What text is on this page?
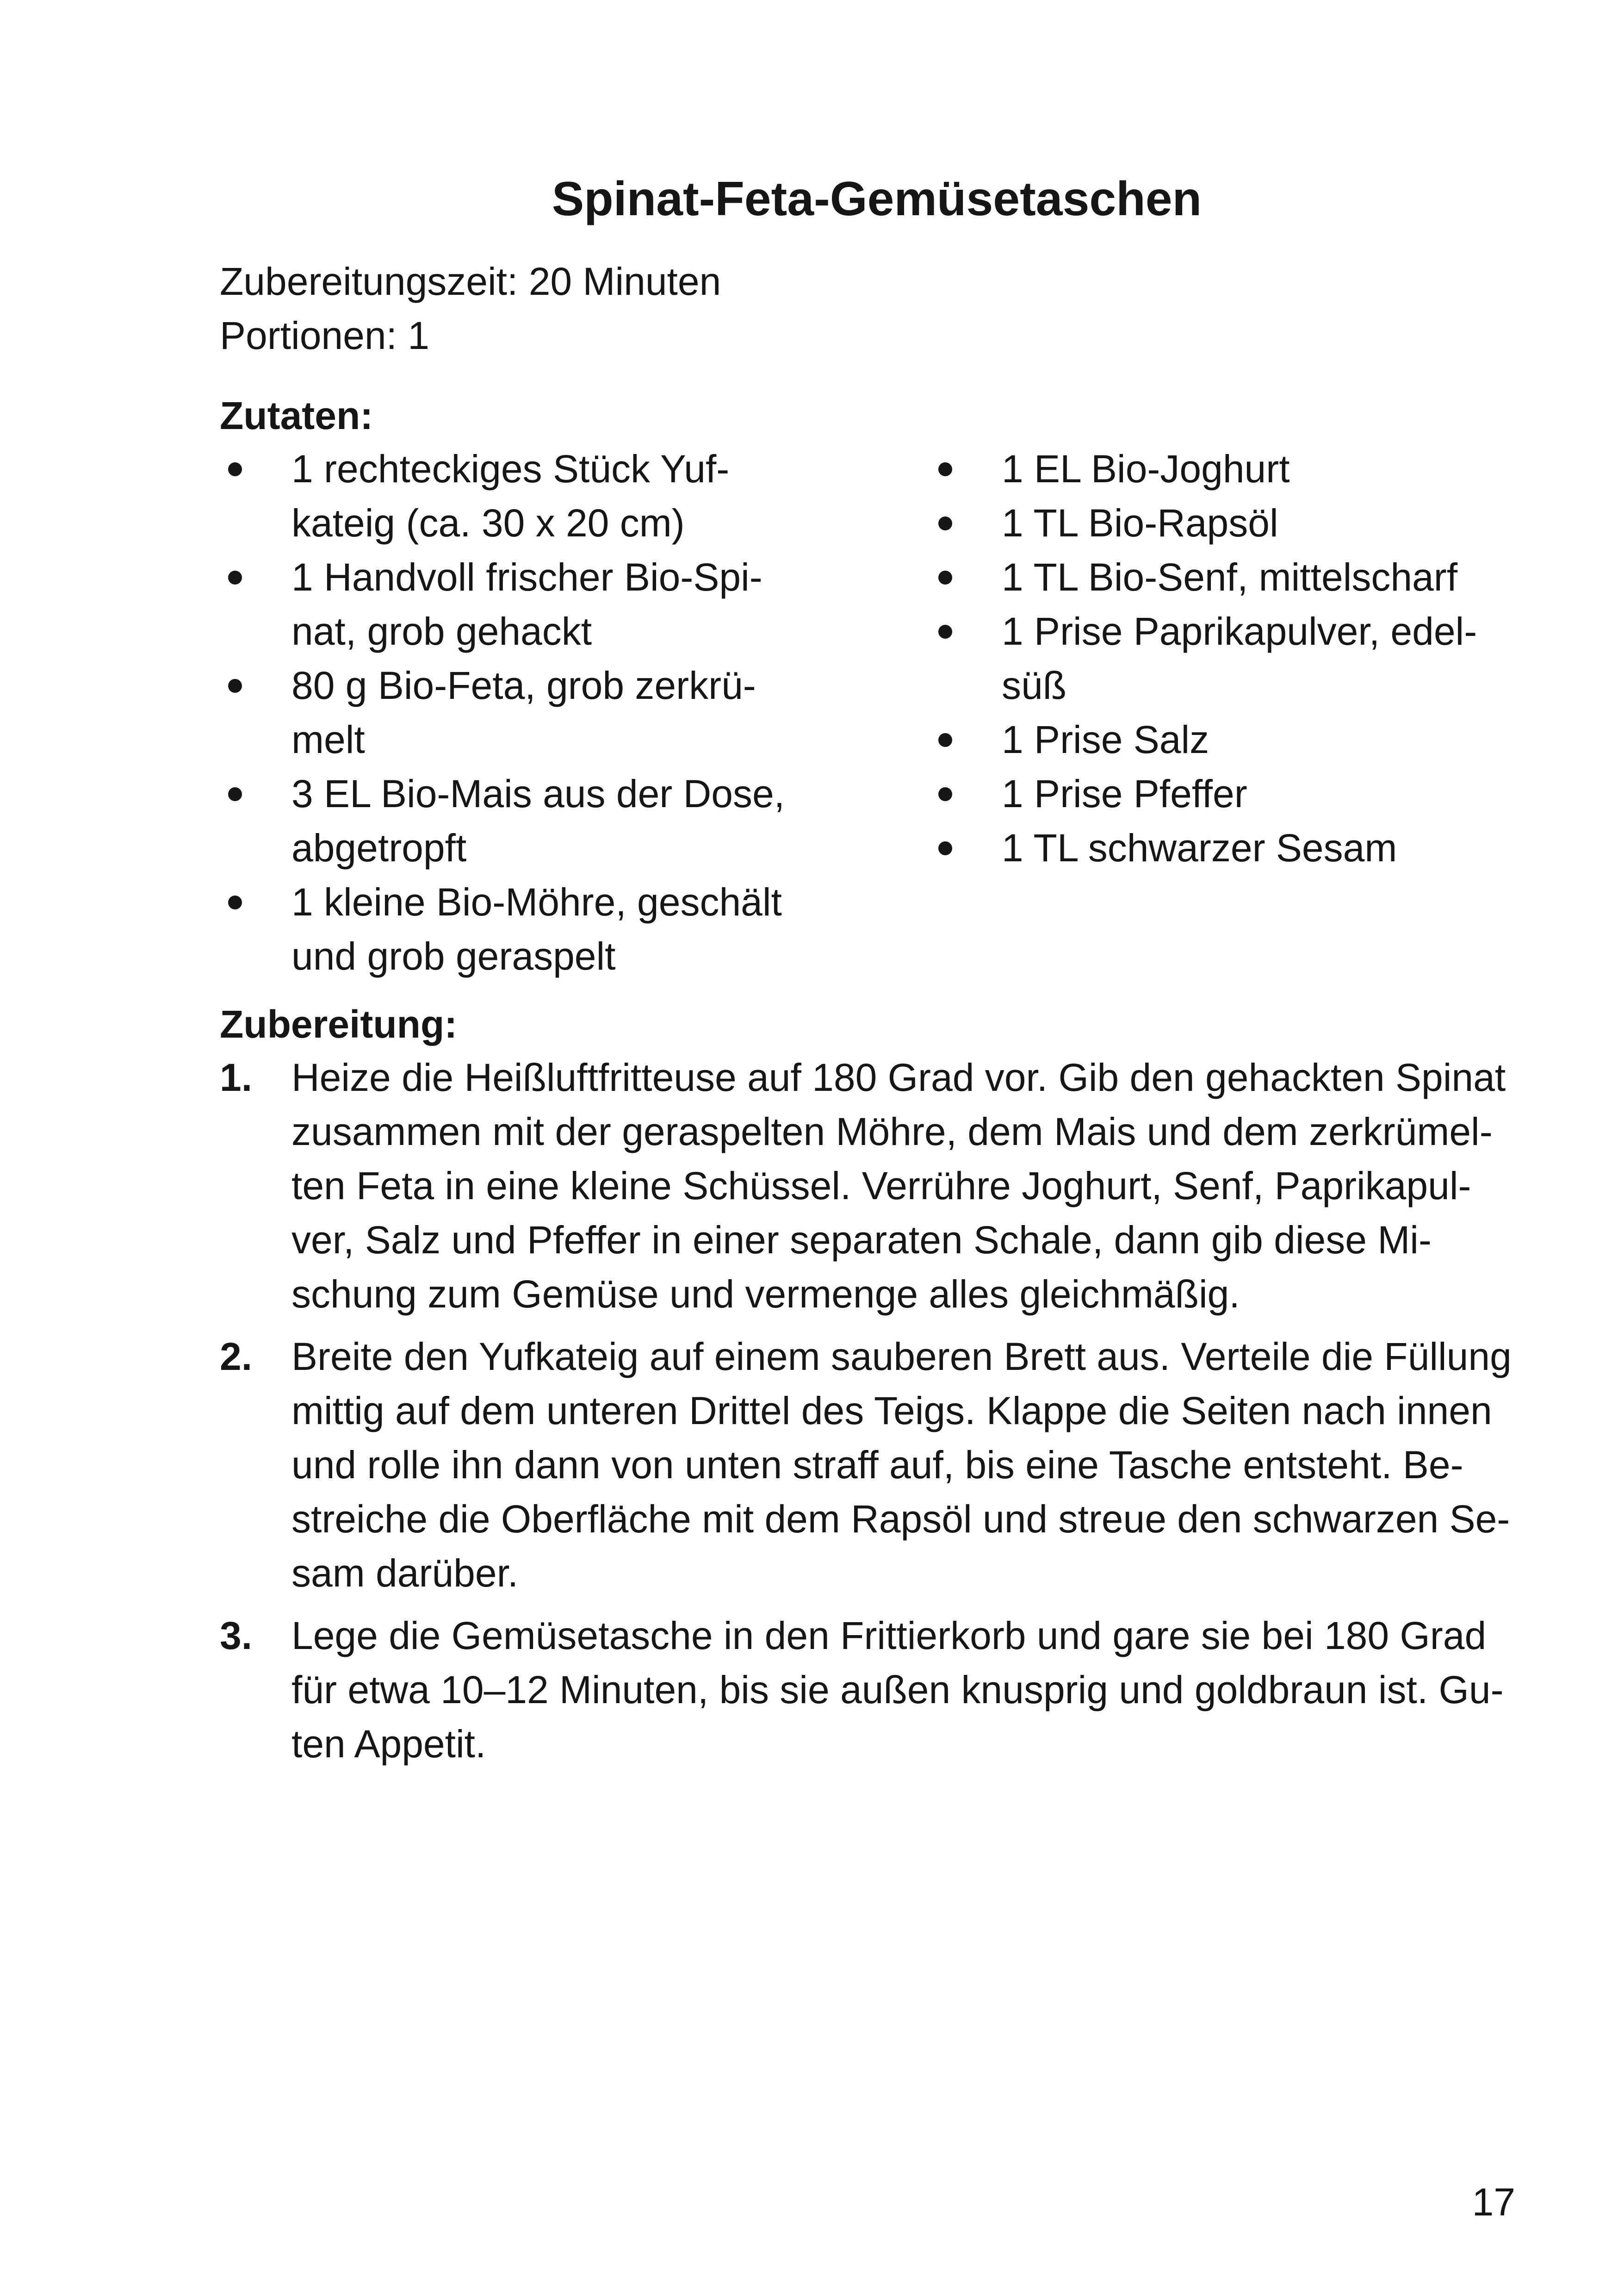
Spinat-Feta-Gemüsetaschen
Zubereitungszeit: 20 Minuten
Portionen: 1
Zutaten:
1 rechteckiges Stück Yuf-
kateig (ca. 30 x 20 cm)
1 Handvoll frischer Bio-Spi-
nat, grob gehackt
80 g Bio-Feta, grob zerkrü-
melt
3 EL Bio-Mais aus der Dose,
abgetropft
1 kleine Bio-Möhre, geschält
und grob geraspelt
1 EL Bio-Joghurt
1 TL Bio-Rapsöl
1 TL Bio-Senf, mittelscharf
1 Prise Paprikapulver, edel-
süß
1 Prise Salz
1 Prise Pfeffer
1 TL schwarzer Sesam
Zubereitung:
1. Heize die Heißluftfritteuse auf 180 Grad vor. Gib den gehackten Spinat
zusammen mit der geraspelten Möhre, dem Mais und dem zerkrümel-
ten Feta in eine kleine Schüssel. Verrühre Joghurt, Senf, Paprikapul-
ver, Salz und Pfeffer in einer separaten Schale, dann gib diese Mi-
schung zum Gemüse und vermenge alles gleichmäßig.
2. Breite den Yufkateig auf einem sauberen Brett aus. Verteile die Füllung
mittig auf dem unteren Drittel des Teigs. Klappe die Seiten nach innen
und rolle ihn dann von unten straff auf, bis eine Tasche entsteht. Be-
streiche die Oberfläche mit dem Rapsöl und streue den schwarzen Se-
sam darüber.
3. Lege die Gemüsetasche in den Frittierkorb und gare sie bei 180 Grad
für etwa 10–12 Minuten, bis sie außen knusprig und goldbraun ist. Gu-
ten Appetit.
17
